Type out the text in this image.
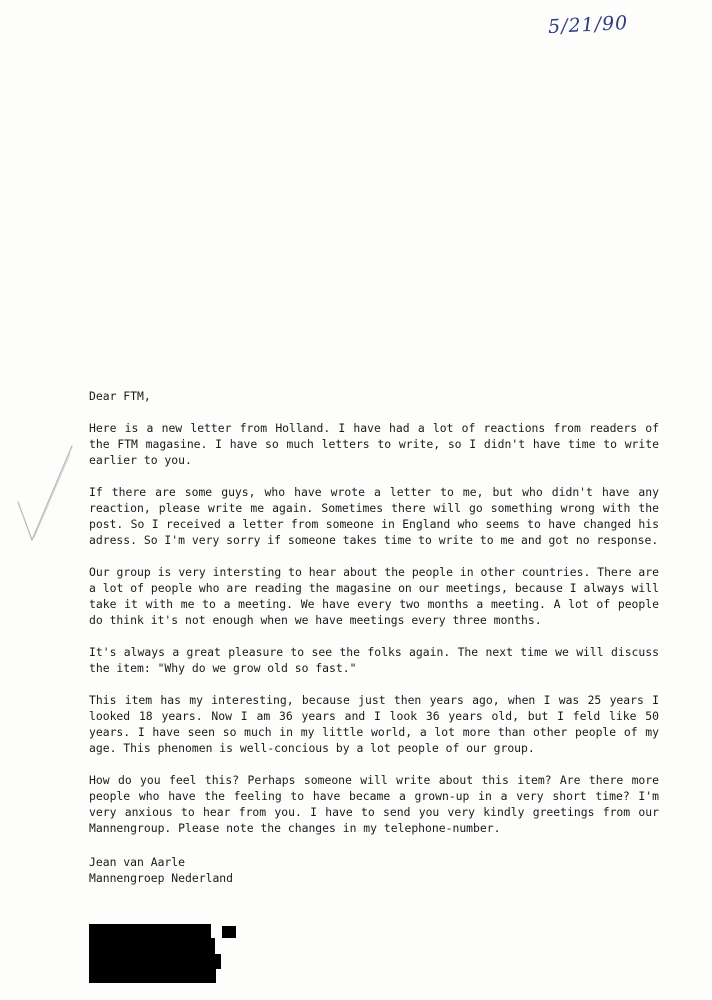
5/21/90
Dear FTM,

Here is a new letter from Holland. I have had a lot of reactions from readers of the FTM magasine. I have so much letters to write, so I didn't have time to write earlier to you.

If there are some guys, who have wrote a letter to me, but who didn't have any reaction, please write me again. Sometimes there will go something wrong with the post. So I received a letter from someone in England who seems to have changed his adress. So I'm very sorry if someone takes time to write to me and got no response.

Our group is very intersting to hear about the people in other countries. There are a lot of people who are reading the magasine on our meetings, because I always will take it with me to a meeting. We have every two months a meeting. A lot of people do think it's not enough when we have meetings every three months.

It's always a great pleasure to see the folks again. The next time we will discuss the item: "Why do we grow old so fast."

This item has my interesting, because just then years ago, when I was 25 years I looked 18 years. Now I am 36 years and I look 36 years old, but I feld like 50 years. I have seen so much in my little world, a lot more than other people of my age. This phenomen is well-concious by a lot people of our group.

How do you feel this? Perhaps someone will write about this item? Are there more people who have the feeling to have became a grown-up in a very short time? I'm very anxious to hear from you. I have to send you very kindly greetings from our Mannengroup. Please note the changes in my telephone-number.

Jean van Aarle
Mannengroep Nederland
